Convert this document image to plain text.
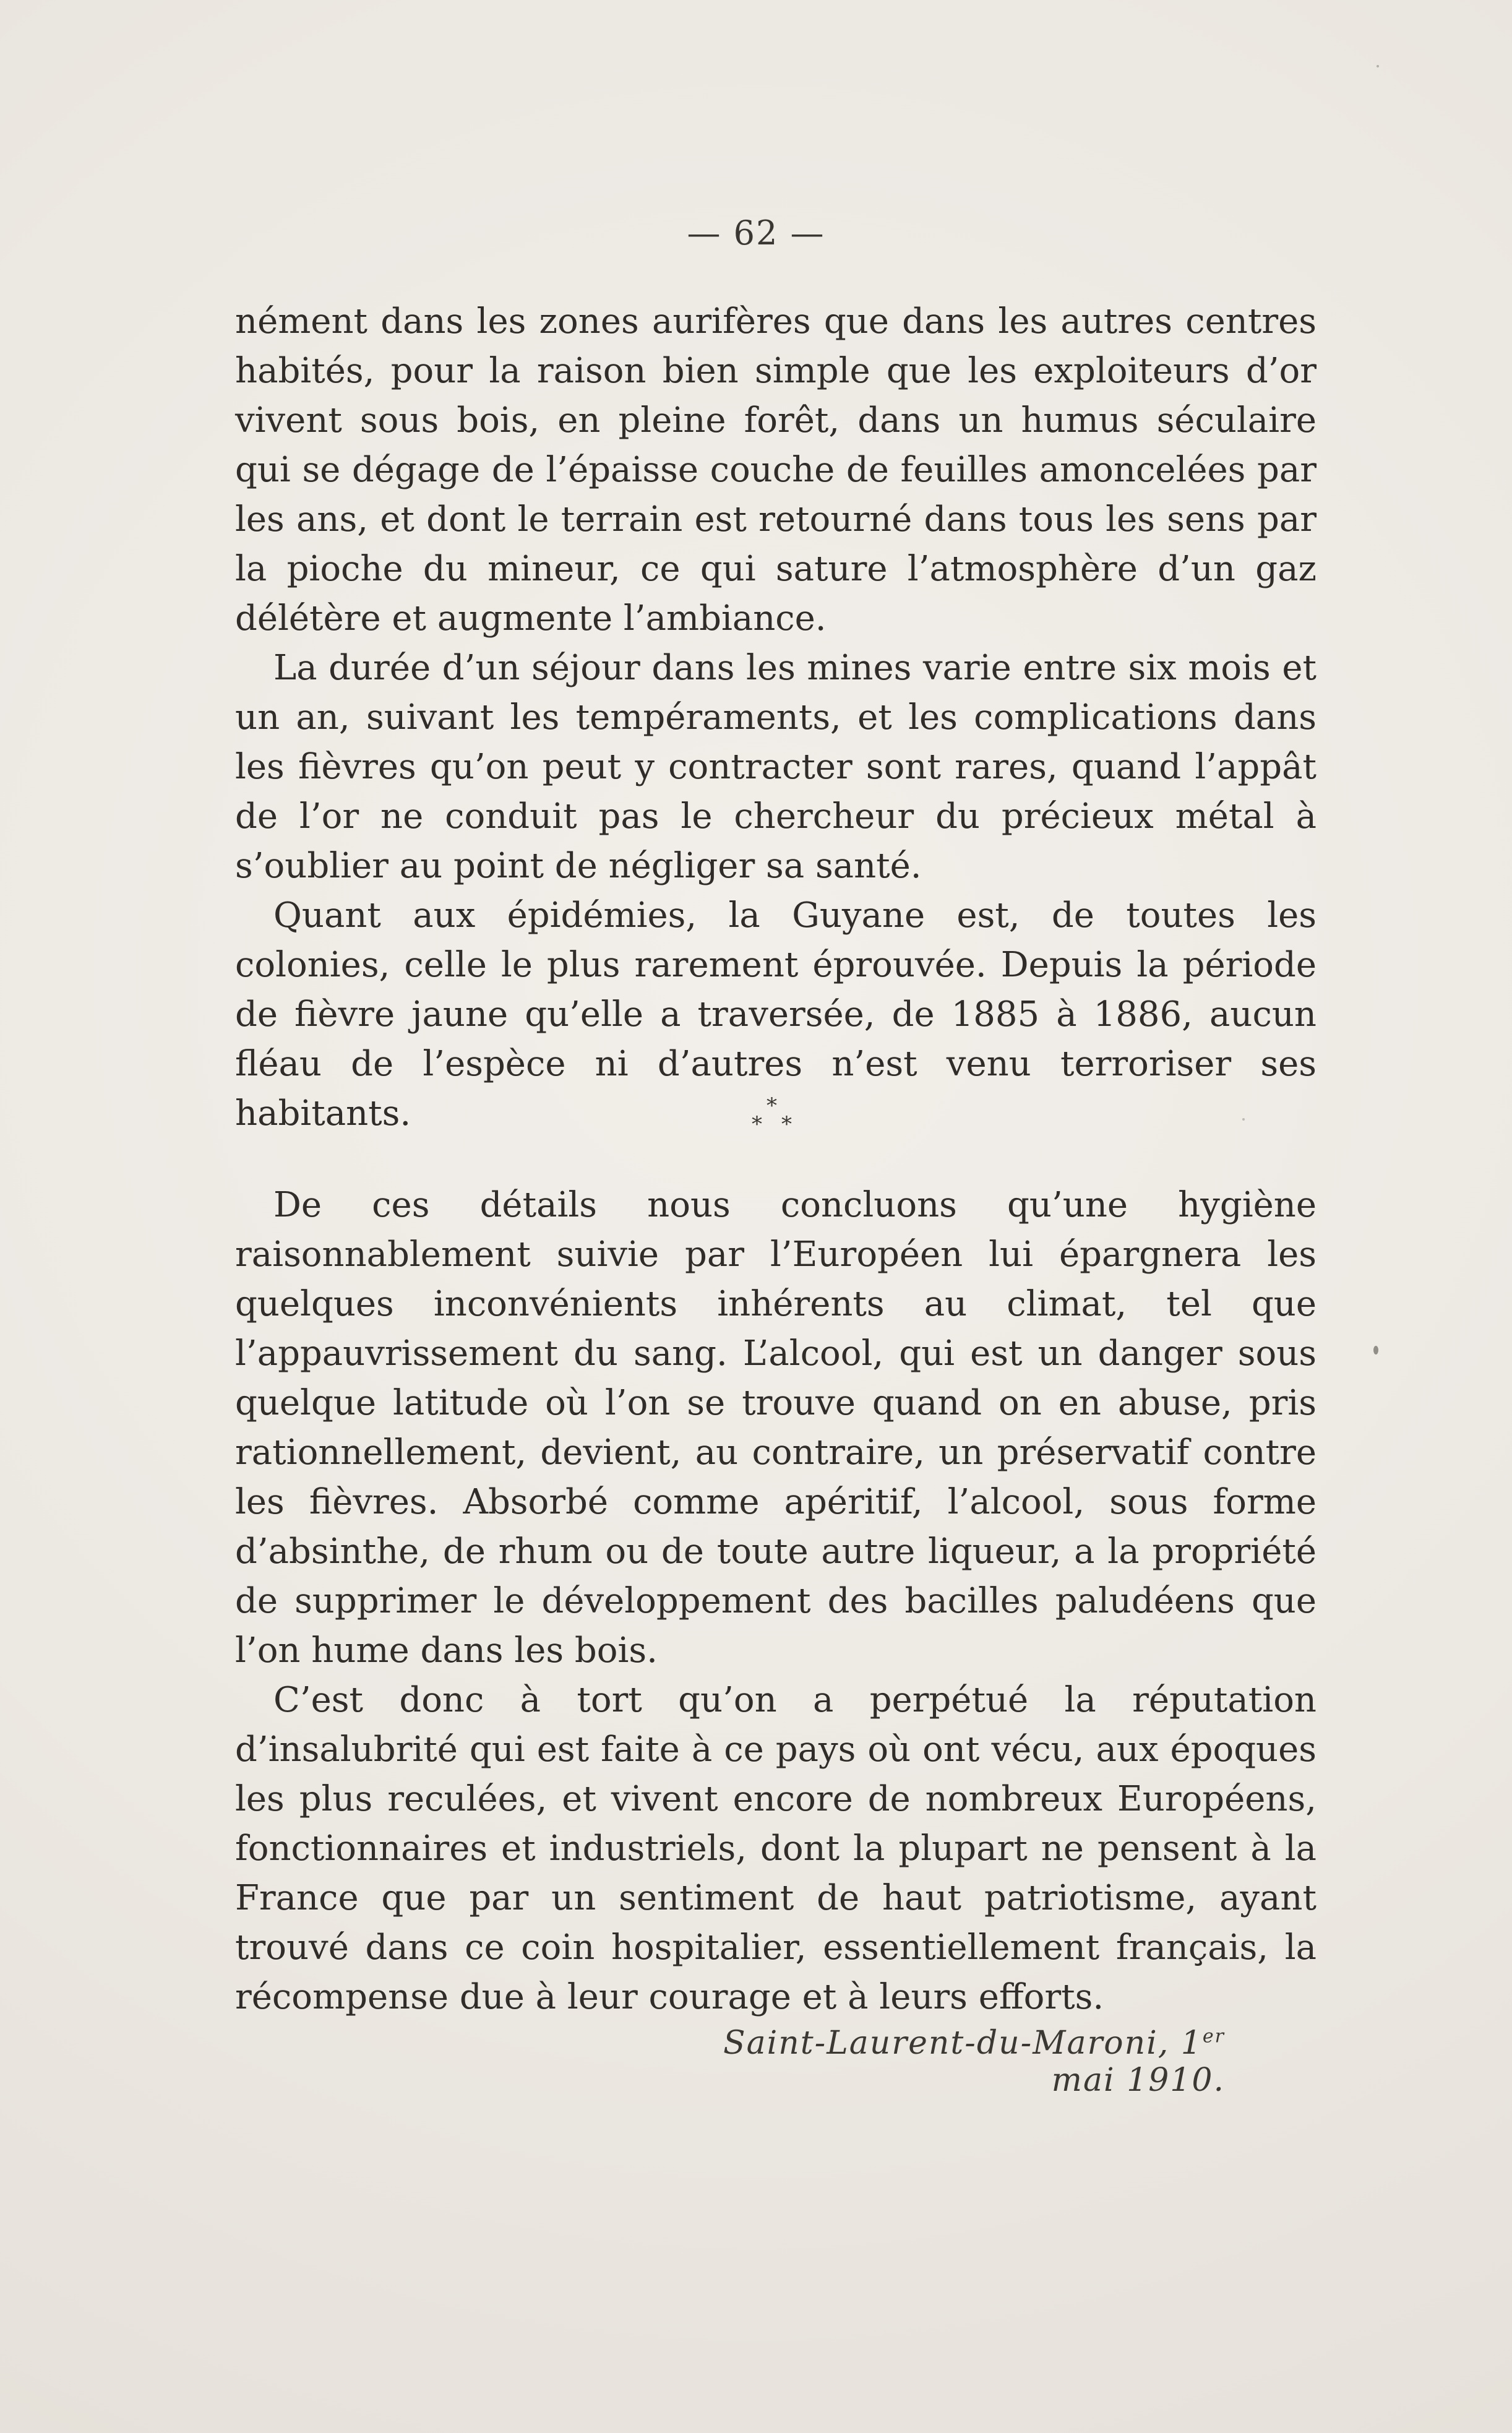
— 62 —

nément dans les zones aurifères que dans les autres centres habités, pour la raison bien simple que les exploiteurs d’or vivent sous bois, en pleine forêt, dans un humus séculaire qui se dégage de l’épaisse couche de feuilles amoncelées par les ans, et dont le terrain est retourné dans tous les sens par la pioche du mineur, ce qui sature l’atmosphère d’un gaz délétère et augmente l’ambiance.

La durée d’un séjour dans les mines varie entre six mois et un an, suivant les tempéraments, et les complications dans les fièvres qu’on peut y contracter sont rares, quand l’appât de l’or ne conduit pas le chercheur du précieux métal à s’oublier au point de négliger sa santé.

Quant aux épidémies, la Guyane est, de toutes les colonies, celle le plus rarement éprouvée. Depuis la période de fièvre jaune qu’elle a traversée, de 1885 à 1886, aucun fléau de l’espèce ni d’autres n’est venu terroriser ses habitants.	*
* *

De ces détails nous concluons qu’une hygiène raisonnablement suivie par l’Européen lui épargnera les quelques inconvénients inhérents au climat, tel que l’appauvrissement du sang. L’alcool, qui est un danger sous quelque latitude où l’on se trouve quand on en abuse, pris rationnellement, devient, au contraire, un préservatif contre les fièvres. Absorbé comme apéritif, l’alcool, sous forme d’absinthe, de rhum ou de toute autre liqueur, a la propriété de supprimer le développement des bacilles paludéens que l’on hume dans les bois.

C’est donc à tort qu’on a perpétué la réputation d’insalubrité qui est faite à ce pays où ont vécu, aux époques les plus reculées, et vivent encore de nombreux Européens, fonctionnaires et industriels, dont la plupart ne pensent à la France que par un sentiment de haut patriotisme, ayant trouvé dans ce coin hospitalier, essentiellement français, la récompense due à leur courage et à leurs efforts.

Saint-Laurent-du-Maroni, 1er mai 1910.
